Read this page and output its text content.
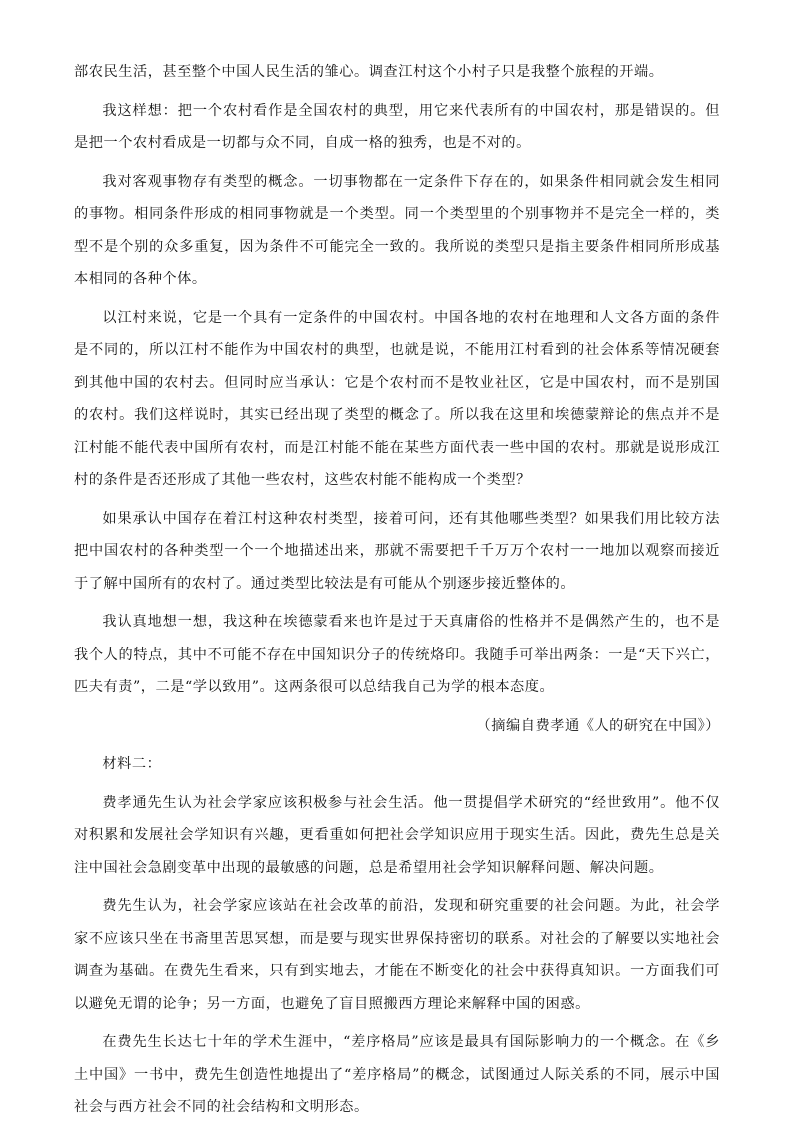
部农民生活，甚至整个中国人民生活的雏心。调查江村这个小村子只是我整个旅程的开端。

我这样想：把一个农村看作是全国农村的典型，用它来代表所有的中国农村，那是错误的。但是把一个农村看成是一切都与众不同，自成一格的独秀，也是不对的。

我对客观事物存有类型的概念。一切事物都在一定条件下存在的，如果条件相同就会发生相同的事物。相同条件形成的相同事物就是一个类型。同一个类型里的个别事物并不是完全一样的，类型不是个别的众多重复，因为条件不可能完全一致的。我所说的类型只是指主要条件相同所形成基本相同的各种个体。

以江村来说，它是一个具有一定条件的中国农村。中国各地的农村在地理和人文各方面的条件是不同的，所以江村不能作为中国农村的典型，也就是说，不能用江村看到的社会体系等情况硬套到其他中国的农村去。但同时应当承认：它是个农村而不是牧业社区，它是中国农村，而不是别国的农村。我们这样说时，其实已经出现了类型的概念了。所以我在这里和埃德蒙辩论的焦点并不是江村能不能代表中国所有农村，而是江村能不能在某些方面代表一些中国的农村。那就是说形成江村的条件是否还形成了其他一些农村，这些农村能不能构成一个类型？

如果承认中国存在着江村这种农村类型，接着可问，还有其他哪些类型？如果我们用比较方法把中国农村的各种类型一个一个地描述出来，那就不需要把千千万万个农村一一地加以观察而接近于了解中国所有的农村了。通过类型比较法是有可能从个别逐步接近整体的。

我认真地想一想，我这种在埃德蒙看来也许是过于天真庸俗的性格并不是偶然产生的，也不是我个人的特点，其中不可能不存在中国知识分子的传统烙印。我随手可举出两条：一是“天下兴亡，匹夫有责”，二是“学以致用”。这两条很可以总结我自己为学的根本态度。

（摘编自费孝通《人的研究在中国》）

材料二：

费孝通先生认为社会学家应该积极参与社会生活。他一贯提倡学术研究的“经世致用”。他不仅对积累和发展社会学知识有兴趣，更看重如何把社会学知识应用于现实生活。因此，费先生总是关注中国社会急剧变革中出现的最敏感的问题，总是希望用社会学知识解释问题、解决问题。

费先生认为，社会学家应该站在社会改革的前沿，发现和研究重要的社会问题。为此，社会学家不应该只坐在书斋里苦思冥想，而是要与现实世界保持密切的联系。对社会的了解要以实地社会调查为基础。在费先生看来，只有到实地去，才能在不断变化的社会中获得真知识。一方面我们可以避免无谓的论争；另一方面，也避免了盲目照搬西方理论来解释中国的困惑。

在费先生长达七十年的学术生涯中，“差序格局”应该是最具有国际影响力的一个概念。在《乡土中国》一书中，费先生创造性地提出了“差序格局”的概念，试图通过人际关系的不同，展示中国社会与西方社会不同的社会结构和文明形态。
